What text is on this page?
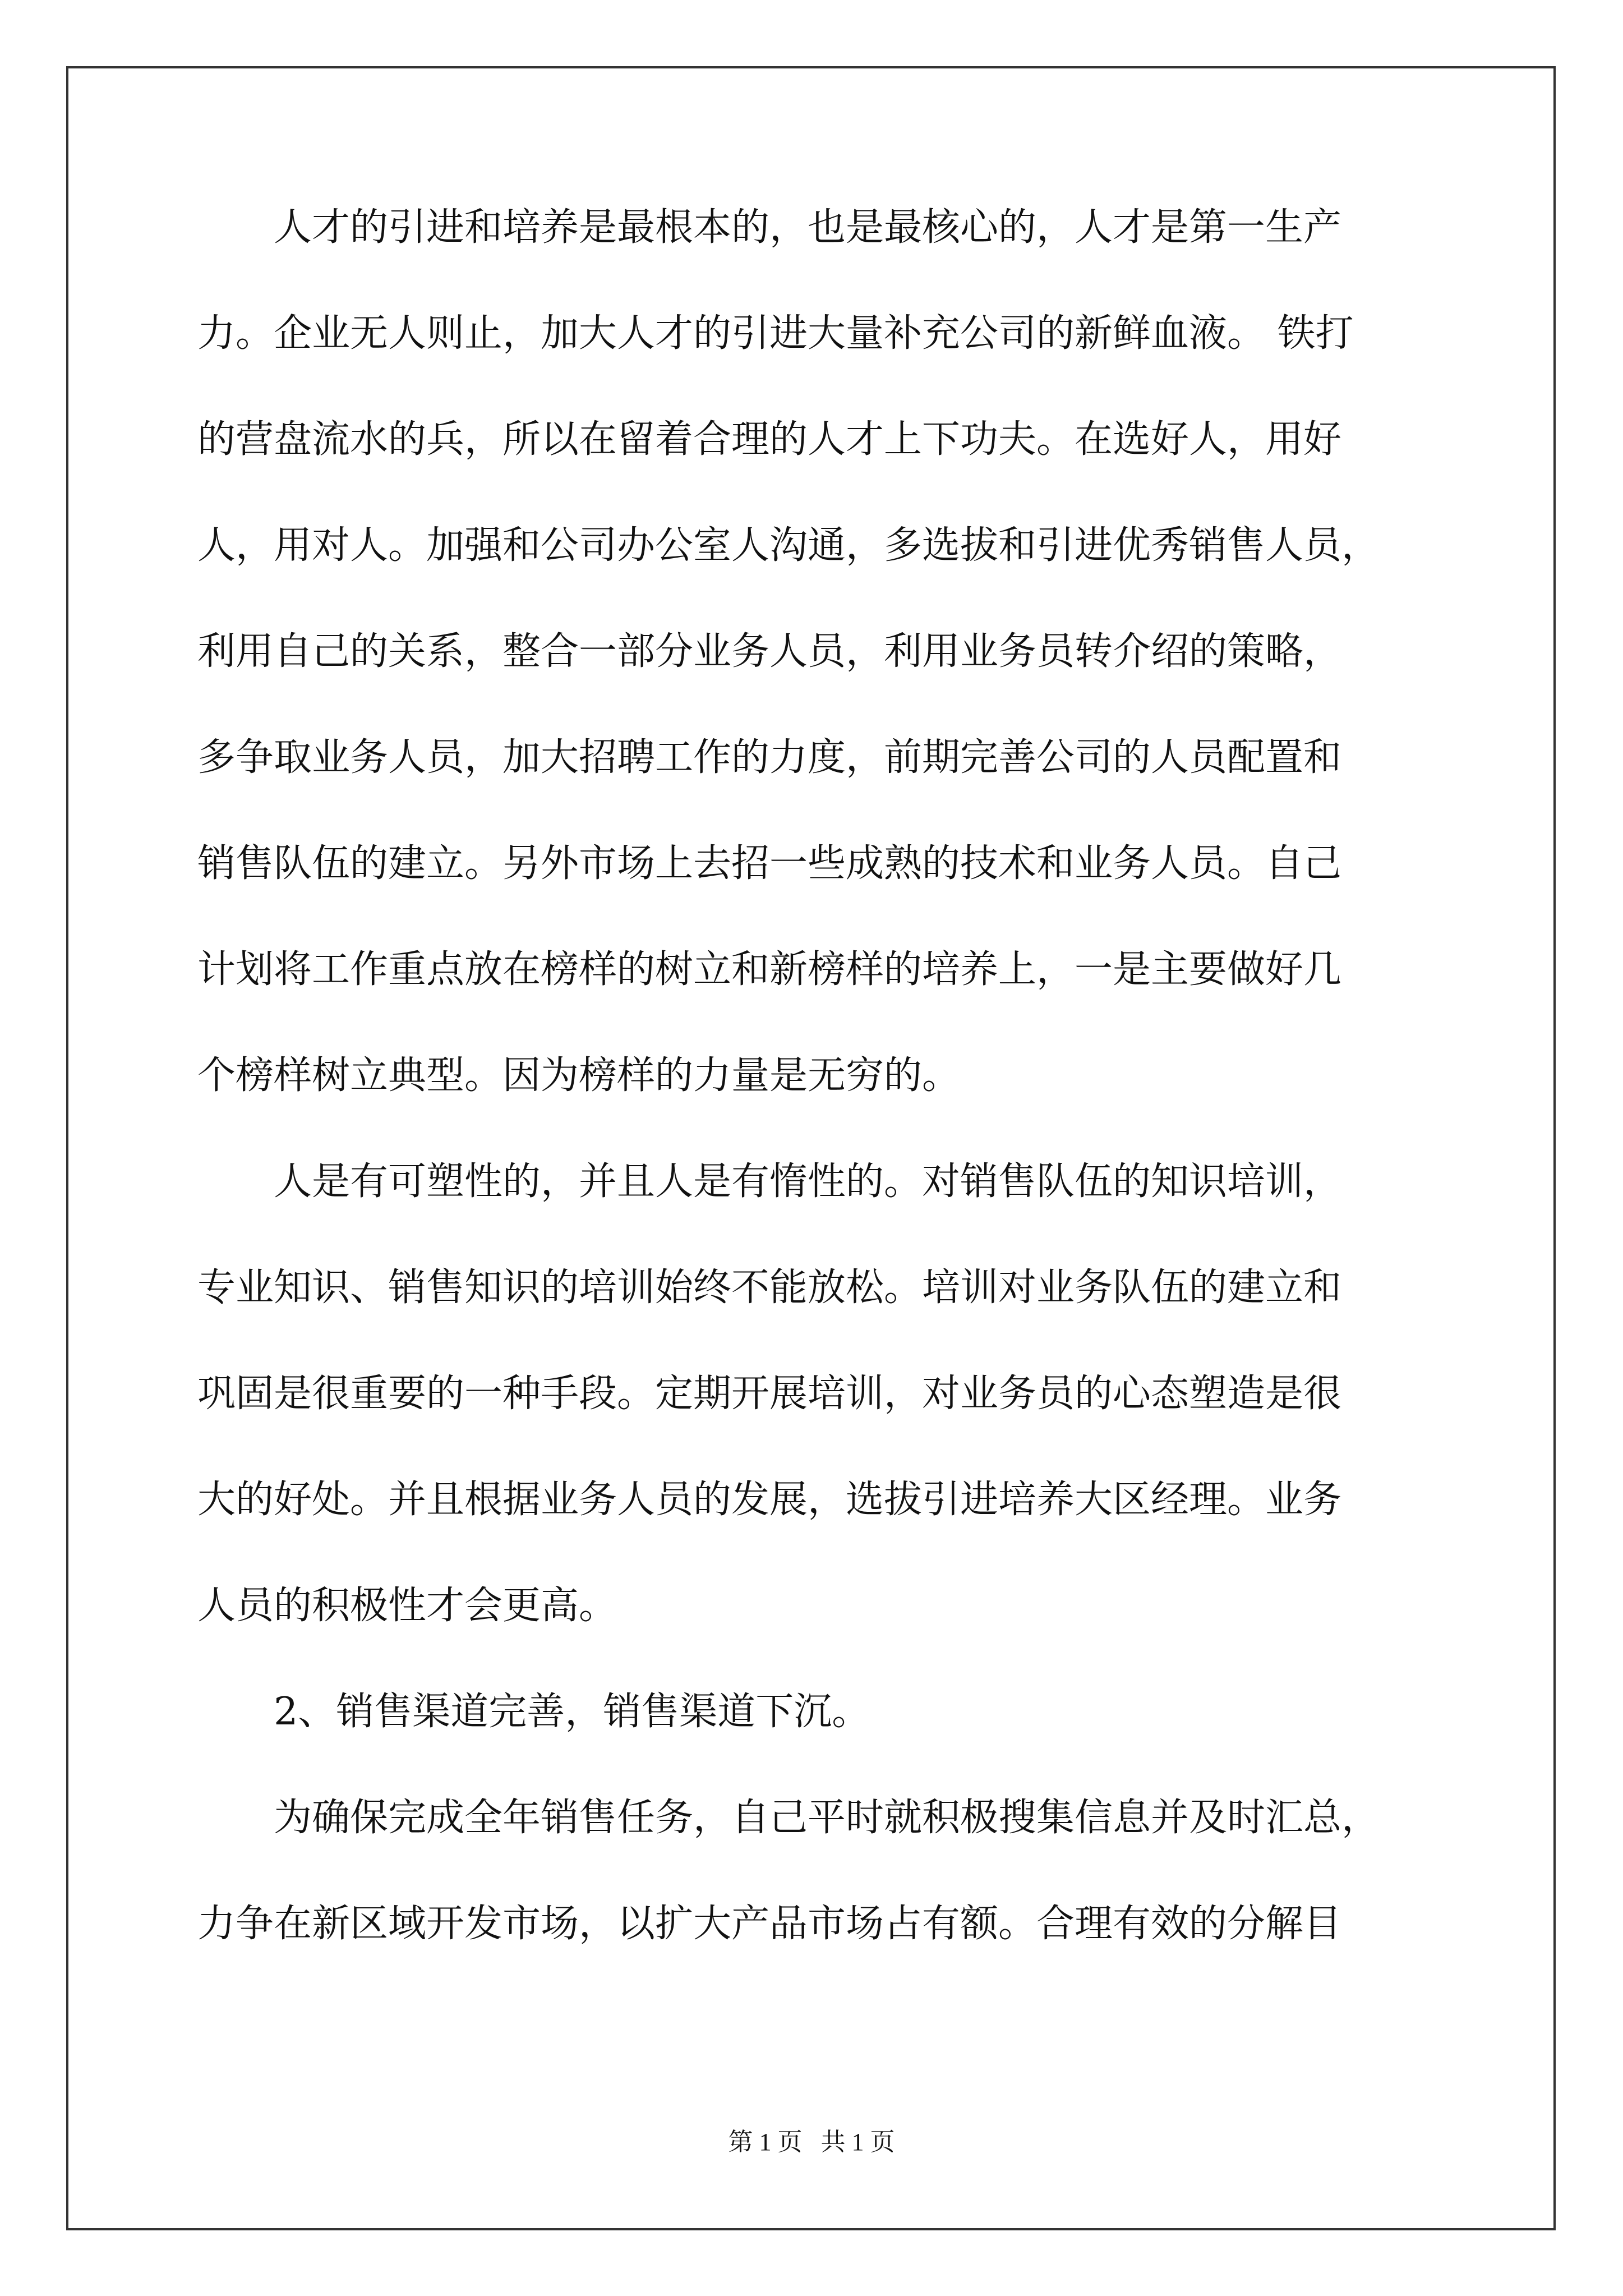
人才的引进和培养是最根本的，也是最核心的，人才是第一生产
力。企业无人则止，加大人才的引进大量补充公司的新鲜血液。 铁打
的营盘流水的兵，所以在留着合理的人才上下功夫。在选好人，用好
人，用对人。加强和公司办公室人沟通，多选拔和引进优秀销售人员，
利用自己的关系，整合一部分业务人员，利用业务员转介绍的策略，
多争取业务人员，加大招聘工作的力度，前期完善公司的人员配置和
销售队伍的建立。另外市场上去招一些成熟的技术和业务人员。自己
计划将工作重点放在榜样的树立和新榜样的培养上，一是主要做好几
个榜样树立典型。因为榜样的力量是无穷的。
人是有可塑性的，并且人是有惰性的。对销售队伍的知识培训，
专业知识、销售知识的培训始终不能放松。培训对业务队伍的建立和
巩固是很重要的一种手段。定期开展培训，对业务员的心态塑造是很
大的好处。并且根据业务人员的发展，选拔引进培养大区经理。业务
人员的积极性才会更高。
2、销售渠道完善，销售渠道下沉。
为确保完成全年销售任务，自己平时就积极搜集信息并及时汇总，
力争在新区域开发市场，以扩大产品市场占有额。合理有效的分解目
第 1 页   共 1 页
